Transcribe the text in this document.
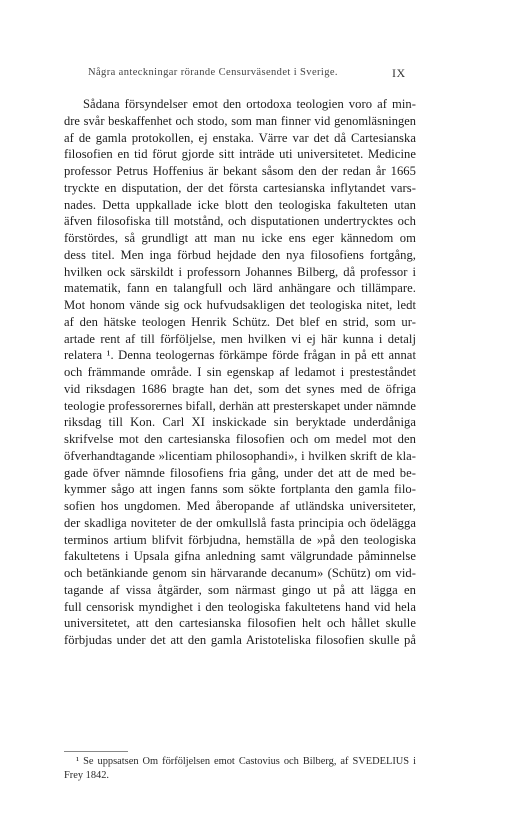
Några anteckningar rörande Censurväsendet i Sverige.	IX
Sådana försyndelser emot den ortodoxa teologien voro af min-
dre svår beskaffenhet och stodo, som man finner vid genomläsningen
af de gamla protokollen, ej enstaka. Värre var det då Cartesianska
filosofien en tid förut gjorde sitt inträde uti universitetet. Medicine
professor Petrus Hoffenius är bekant såsom den der redan år 1665
tryckte en disputation, der det första cartesianska inflytandet vars-
nades. Detta uppkallade icke blott den teologiska fakulteten utan
äfven filosofiska till motstånd, och disputationen undertrycktes och
förstördes, så grundligt att man nu icke ens eger kännedom om
dess titel. Men inga förbud hejdade den nya filosofiens fortgång,
hvilken ock särskildt i professorn Johannes Bilberg, då professor i
matematik, fann en talangfull och lärd anhängare och tillämpare.
Mot honom vände sig ock hufvudsakligen det teologiska nitet, ledt
af den hätske teologen Henrik Schütz. Det blef en strid, som ur-
artade rent af till förföljelse, men hvilken vi ej här kunna i detalj
relatera ¹. Denna teologernas förkämpe förde frågan in på ett annat
och främmande område. I sin egenskap af ledamot i presteståndet
vid riksdagen 1686 bragte han det, som det synes med de öfriga
teologie professorernes bifall, derhän att presterskapet under nämnde
riksdag till Kon. Carl XI inskickade sin beryktade underdåniga
skrifvelse mot den cartesianska filosofien och om medel mot den
öfverhandtagande »licentiam philosophandi», i hvilken skrift de kla-
gade öfver nämnde filosofiens fria gång, under det att de med be-
kymmer sågo att ingen fanns som sökte fortplanta den gamla filo-
sofien hos ungdomen. Med åberopande af utländska universiteter,
der skadliga noviteter de der omkullslå fasta principia och ödelägga
terminos artium blifvit förbjudna, hemställa de »på den teologiska
fakultetens i Upsala gifna anledning samt välgrundade påminnelse
och betänkiande genom sin härvarande decanum» (Schütz) om vid-
tagande af vissa åtgärder, som närmast gingo ut på att lägga en
full censorisk myndighet i den teologiska fakultetens hand vid hela
universitetet, att den cartesianska filosofien helt och hållet skulle
förbjudas under det att den gamla Aristoteliska filosofien skulle på
¹ Se uppsatsen Om förföljelsen emot Castovius och Bilberg, af SVEDELIUS i
Frey 1842.
